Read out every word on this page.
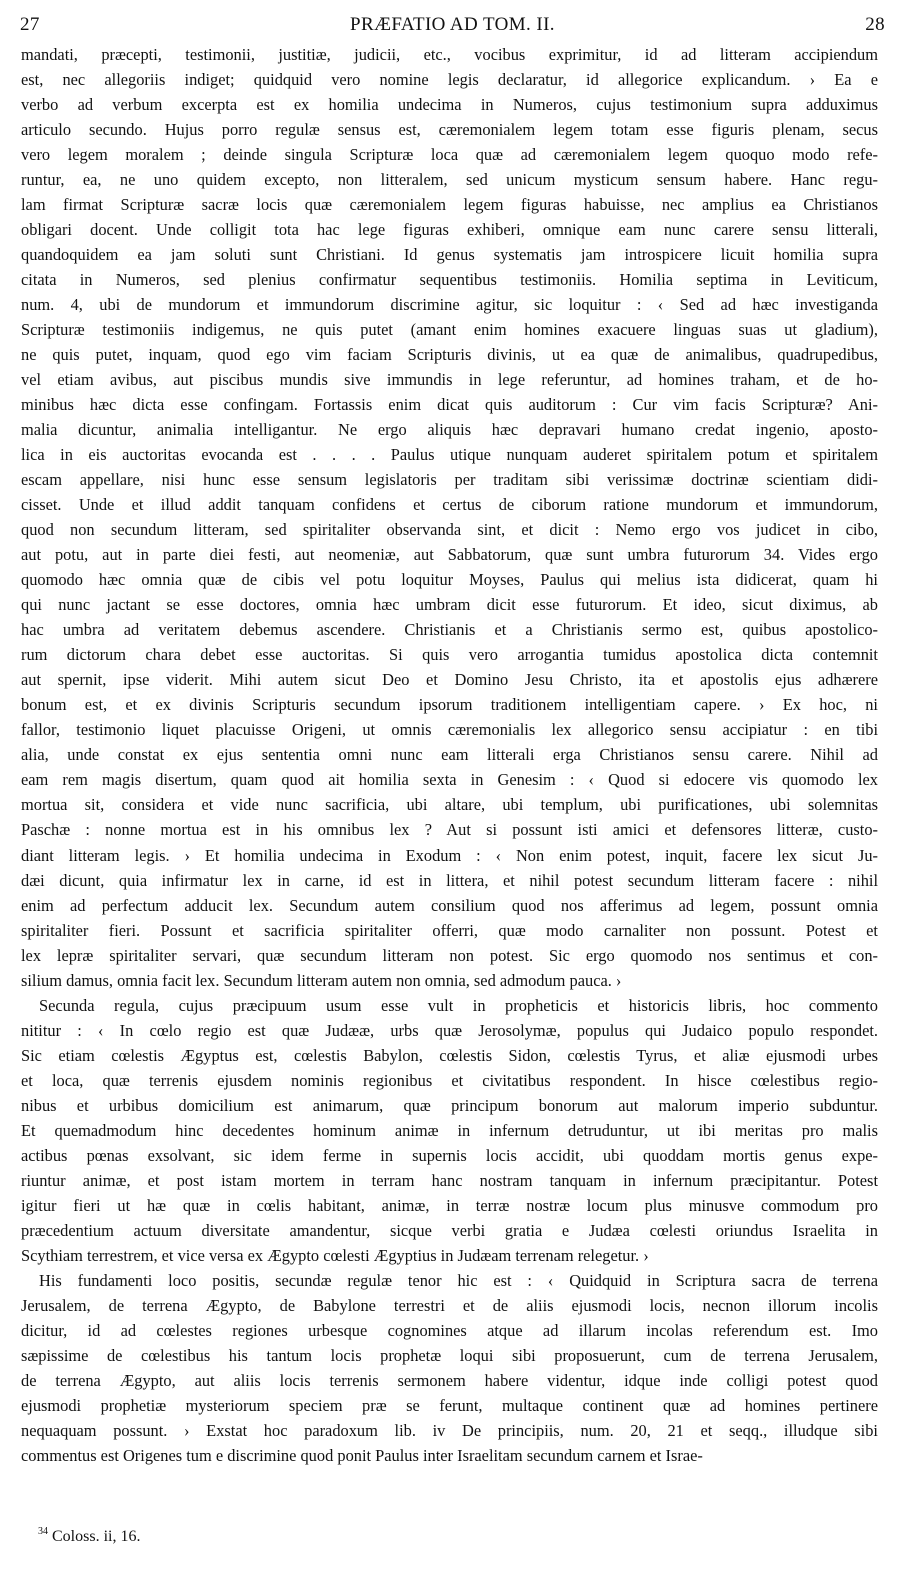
27	PRÆFATIO AD TOM. II.	28
mandati, præcepti, testimonii, justitiæ, judicii, etc., vocibus exprimitur, id ad litteram accipiendum
est, nec allegoriis indiget; quidquid vero nomine legis declaratur, id allegorice explicandum. › Ea e
verbo ad verbum excerpta est ex homilia undecima in Numeros, cujus testimonium supra adduximus
articulo secundo. Hujus porro regulæ sensus est, cæremonialem legem totam esse figuris plenam, secus
vero legem moralem ; deinde singula Scripturæ loca quæ ad cæremonialem legem quoquo modo refe-
runtur, ea, ne uno quidem excepto, non litteralem, sed unicum mysticum sensum habere. Hanc regu-
lam firmat Scripturæ sacræ locis quæ cæremonialem legem figuras habuisse, nec amplius ea Christianos
obligari docent. Unde colligit tota hac lege figuras exhiberi, omnique eam nunc carere sensu litterali,
quandoquidem ea jam soluti sunt Christiani. Id genus systematis jam introspicere licuit homilia supra
citata in Numeros, sed plenius confirmatur sequentibus testimoniis. Homilia septima in Leviticum,
num. 4, ubi de mundorum et immundorum discrimine agitur, sic loquitur : ‹ Sed ad hæc investiganda
Scripturæ testimoniis indigemus, ne quis putet (amant enim homines exacuere linguas suas ut gladium),
ne quis putet, inquam, quod ego vim faciam Scripturis divinis, ut ea quæ de animalibus, quadrupedibus,
vel etiam avibus, aut piscibus mundis sive immundis in lege referuntur, ad homines traham, et de ho-
minibus hæc dicta esse confingam. Fortassis enim dicat quis auditorum : Cur vim facis Scripturæ? Ani-
malia dicuntur, animalia intelligantur. Ne ergo aliquis hæc depravari humano credat ingenio, aposto-
lica in eis auctoritas evocanda est . . . . Paulus utique nunquam auderet spiritalem potum et spiritalem
escam appellare, nisi hunc esse sensum legislatoris per traditam sibi verissimæ doctrinæ scientiam didi-
cisset. Unde et illud addit tanquam confidens et certus de ciborum ratione mundorum et immundorum,
quod non secundum litteram, sed spiritaliter observanda sint, et dicit : Nemo ergo vos judicet in cibo,
aut potu, aut in parte diei festi, aut neomeniæ, aut Sabbatorum, quæ sunt umbra futurorum 34. Vides ergo
quomodo hæc omnia quæ de cibis vel potu loquitur Moyses, Paulus qui melius ista didicerat, quam hi
qui nunc jactant se esse doctores, omnia hæc umbram dicit esse futurorum. Et ideo, sicut diximus, ab
hac umbra ad veritatem debemus ascendere. Christianis et a Christianis sermo est, quibus apostolico-
rum dictorum chara debet esse auctoritas. Si quis vero arrogantia tumidus apostolica dicta contemnit
aut spernit, ipse viderit. Mihi autem sicut Deo et Domino Jesu Christo, ita et apostolis ejus adhærere
bonum est, et ex divinis Scripturis secundum ipsorum traditionem intelligentiam capere. › Ex hoc, ni
fallor, testimonio liquet placuisse Origeni, ut omnis cæremonialis lex allegorico sensu accipiatur : en tibi
alia, unde constat ex ejus sententia omni nunc eam litterali erga Christianos sensu carere. Nihil ad
eam rem magis disertum, quam quod ait homilia sexta in Genesim : ‹ Quod si edocere vis quomodo lex
mortua sit, considera et vide nunc sacrificia, ubi altare, ubi templum, ubi purificationes, ubi solemnitas
Paschæ : nonne mortua est in his omnibus lex ? Aut si possunt isti amici et defensores litteræ, custo-
diant litteram legis. › Et homilia undecima in Exodum : ‹ Non enim potest, inquit, facere lex sicut Ju-
dæi dicunt, quia infirmatur lex in carne, id est in littera, et nihil potest secundum litteram facere : nihil
enim ad perfectum adducit lex. Secundum autem consilium quod nos afferimus ad legem, possunt omnia
spiritaliter fieri. Possunt et sacrificia spiritaliter offerri, quæ modo carnaliter non possunt. Potest et
lex lepræ spiritaliter servari, quæ secundum litteram non potest. Sic ergo quomodo nos sentimus et con-
silium damus, omnia facit lex. Secundum litteram autem non omnia, sed admodum pauca. ›
Secunda regula, cujus præcipuum usum esse vult in propheticis et historicis libris, hoc commento
nititur : ‹ In cœlo regio est quæ Judææ, urbs quæ Jerosolymæ, populus qui Judaico populo respondet.
Sic etiam cœlestis Ægyptus est, cœlestis Babylon, cœlestis Sidon, cœlestis Tyrus, et aliæ ejusmodi urbes
et loca, quæ terrenis ejusdem nominis regionibus et civitatibus respondent. In hisce cœlestibus regio-
nibus et urbibus domicilium est animarum, quæ principum bonorum aut malorum imperio subduntur.
Et quemadmodum hinc decedentes hominum animæ in infernum detruduntur, ut ibi meritas pro malis
actibus pœnas exsolvant, sic idem ferme in supernis locis accidit, ubi quoddam mortis genus expe-
riuntur animæ, et post istam mortem in terram hanc nostram tanquam in infernum præcipitantur. Potest
igitur fieri ut hæ quæ in cœlis habitant, animæ, in terræ nostræ locum plus minusve commodum pro
præcedentium actuum diversitate amandentur, sicque verbi gratia e Judæa cœlesti oriundus Israelita in
Scythiam terrestrem, et vice versa ex Ægypto cœlesti Ægyptius in Judæam terrenam relegetur. ›
His fundamenti loco positis, secundæ regulæ tenor hic est : ‹ Quidquid in Scriptura sacra de terrena
Jerusalem, de terrena Ægypto, de Babylone terrestri et de aliis ejusmodi locis, necnon illorum incolis
dicitur, id ad cœlestes regiones urbesque cognomines atque ad illarum incolas referendum est. Imo
sæpissime de cœlestibus his tantum locis prophetæ loqui sibi proposuerunt, cum de terrena Jerusalem,
de terrena Ægypto, aut aliis locis terrenis sermonem habere videntur, idque inde colligi potest quod
ejusmodi prophetiæ mysteriorum speciem præ se ferunt, multaque continent quæ ad homines pertinere
nequaquam possunt. › Exstat hoc paradoxum lib. iv De principiis, num. 20, 21 et seqq., illudque sibi
commentus est Origenes tum e discrimine quod ponit Paulus inter Israelitam secundum carnem et Israe-
$^{34}$ Coloss. ii, 16.
